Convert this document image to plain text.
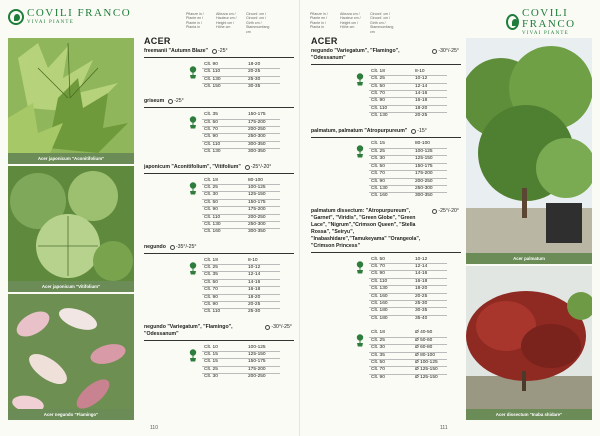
COVILI FRANCO
VIVAI PIANTE
Pflanze in / Plante en / Piante in / Planta in
Altezza cm / Hauteur cm / Height cm / Höhe cm
Circonf. cm / Circonf. cm / Girth cm / Stammumfang cm
Acer japonicum "Aconitifolium"
Acer japonicum "Vitifolium"
Acer negundo "Flamingo"
ACER
freemanii "Autumn Blaze" -25°
Clt. 90	18-20
Clt. 110	20-25
Clt. 130	25-30
Clt. 150	30-35
griseum -25°
Clt. 35	150-175
Clt. 50	175-200
Clt. 70	200-250
Clt. 90	250-300
Clt. 110	300-350
Clt. 130	300-350
japonicum "Aconitifolium", "Vitifolium" -25°/-20°
Clt. 18	80-100
Clt. 25	100-125
Clt. 30	125-150
Clt. 50	150-175
Clt. 90	175-200
Clt. 110	200-250
Clt. 130	250-300
Clt. 160	300-350
negundo -35°/-25°
Clt. 18	8-10
Clt. 25	10-12
Clt. 35	12-14
Clt. 50	14-16
Clt. 70	16-18
Clt. 90	18-20
Clt. 90	20-25
Clt. 110	25-30
negundo "Variegatum", "Flamingo", "Odessanum"
-30°/-25°
Clt. 10	100-125
Clt. 15	125-150
Clt. 15	150-175
Clt. 25	175-200
Clt. 30	200-250
110
COVILI FRANCO
VIVAI PIANTE
Pflanze in / Plante en / Piante in / Planta in
Altezza cm / Hauteur cm / Height cm / Höhe cm
Circonf. cm / Circonf. cm / Girth cm / Stammumfang cm
ACER
negundo "Variegatum", "Flamingo", "Odessanum"
-30°/-25°
Clt. 18	8-10
Clt. 25	10-12
Clt. 50	12-14
Clt. 70	14-16
Clt. 90	16-18
Clt. 110	18-20
Clt. 130	20-25
palmatum, palmatum "Atropurpureum" -15°
Clt. 15	80-100
Clt. 25	100-125
Clt. 30	125-150
Clt. 50	150-175
Clt. 70	175-200
Clt. 90	200-250
Clt. 130	250-300
Clt. 160	300-350
palmatum dissectum: "Atropurpureum", "Garnet", "Viridis", "Green Globe", "Green Lace", "Nigrum","Crimson Queen", "Stella Rossa", "Seiryu", "Inabashidare","Tamukeyama" "Orangeola", "Crimson Princess"
-25°/-20°
Clt. 50	10-12
Clt. 70	12-14
Clt. 90	14-16
Clt. 110	16-18
Clt. 130	18-20
Clt. 160	20-25
Clt. 160	25-30
Clt. 180	30-35
Clt. 180	35-40
Clt. 18	Ø 40-50
Clt. 25	Ø 50-60
Clt. 30	Ø 60-80
Clt. 35	Ø 80-100
Clt. 50	Ø 100-125
Clt. 70	Ø 125-150
Clt. 90	Ø 125-150
Acer palmatum
Acer dissectum "Inaba shidare"
111
